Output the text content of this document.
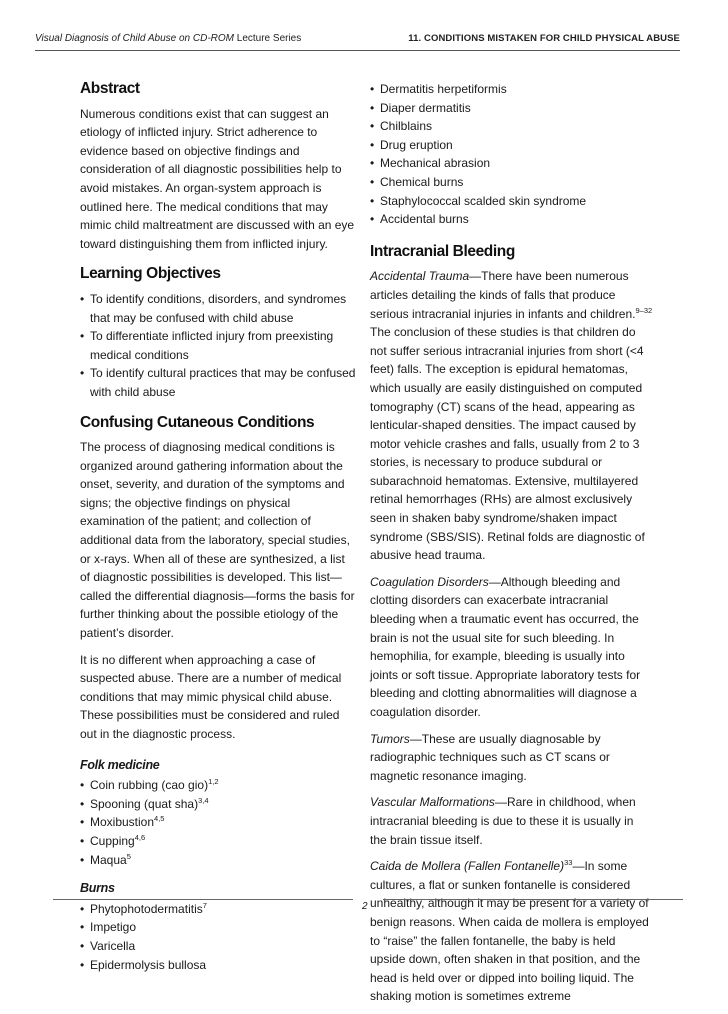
Visual Diagnosis of Child Abuse on CD-ROM Lecture Series	11. CONDITIONS MISTAKEN FOR CHILD PHYSICAL ABUSE
Abstract

Numerous conditions exist that can suggest an etiology of inflicted injury. Strict adherence to evidence based on objective findings and consideration of all diagnostic possibilities help to avoid mistakes. An organ-system approach is outlined here. The medical conditions that may mimic child maltreatment are discussed with an eye toward distinguishing them from inflicted injury.

Learning Objectives
• To identify conditions, disorders, and syndromes that may be confused with child abuse
• To differentiate inflicted injury from preexisting medical conditions
• To identify cultural practices that may be confused with child abuse
Confusing Cutaneous Conditions

The process of diagnosing medical conditions is organized around gathering information about the onset, severity, and duration of the symptoms and signs; the objective findings on physical examination of the patient; and collection of additional data from the laboratory, special studies, or x-rays. When all of these are synthesized, a list of diagnostic possibilities is developed. This list—called the differential diagnosis—forms the basis for further thinking about the possible etiology of the patient’s disorder.

It is no different when approaching a case of suspected abuse. There are a number of medical conditions that may mimic physical child abuse. These possibilities must be considered and ruled out in the diagnostic process.

Folk medicine
• Coin rubbing (cao gio)$^{1,2}$
• Spooning (quat sha)$^{3,4}$
• Moxibustion$^{4,5}$
• Cupping$^{4,6}$
• Maqua$^5$
Burns
• Phytophotodermatitis$^7$
• Impetigo
• Varicella
• Epidermolysis bullosa
• Dermatitis herpetiformis
• Diaper dermatitis
• Chilblains
• Drug eruption
• Mechanical abrasion
• Chemical burns
• Staphylococcal scalded skin syndrome
• Accidental burns
Intracranial Bleeding

Accidental Trauma—There have been numerous articles detailing the kinds of falls that produce serious intracranial injuries in infants and children.$^{9-32}$ The conclusion of these studies is that children do not suffer serious intracranial injuries from short (<4 feet) falls. The exception is epidural hematomas, which usually are easily distinguished on computed tomography (CT) scans of the head, appearing as lenticular-shaped densities. The impact caused by motor vehicle crashes and falls, usually from 2 to 3 stories, is necessary to produce subdural or subarachnoid hematomas. Extensive, multilayered retinal hemorrhages (RHs) are almost exclusively seen in shaken baby syndrome/shaken impact syndrome (SBS/SIS). Retinal folds are diagnostic of abusive head trauma.

Coagulation Disorders—Although bleeding and clotting disorders can exacerbate intracranial bleeding when a traumatic event has occurred, the brain is not the usual site for such bleeding. In hemophilia, for example, bleeding is usually into joints or soft tissue. Appropriate laboratory tests for bleeding and clotting abnormalities will diagnose a coagulation disorder.

Tumors—These are usually diagnosable by radiographic techniques such as CT scans or magnetic resonance imaging.

Vascular Malformations—Rare in childhood, when intracranial bleeding is due to these it is usually in the brain tissue itself.

Caida de Mollera (Fallen Fontanelle)$^{33}$—In some cultures, a flat or sunken fontanelle is considered unhealthy, although it may be present for a variety of benign reasons. When caida de mollera is employed to “raise” the fallen fontanelle, the baby is held upside down, often shaken in that position, and the head is held over or dipped into boiling liquid. The shaking motion is sometimes extreme

2
